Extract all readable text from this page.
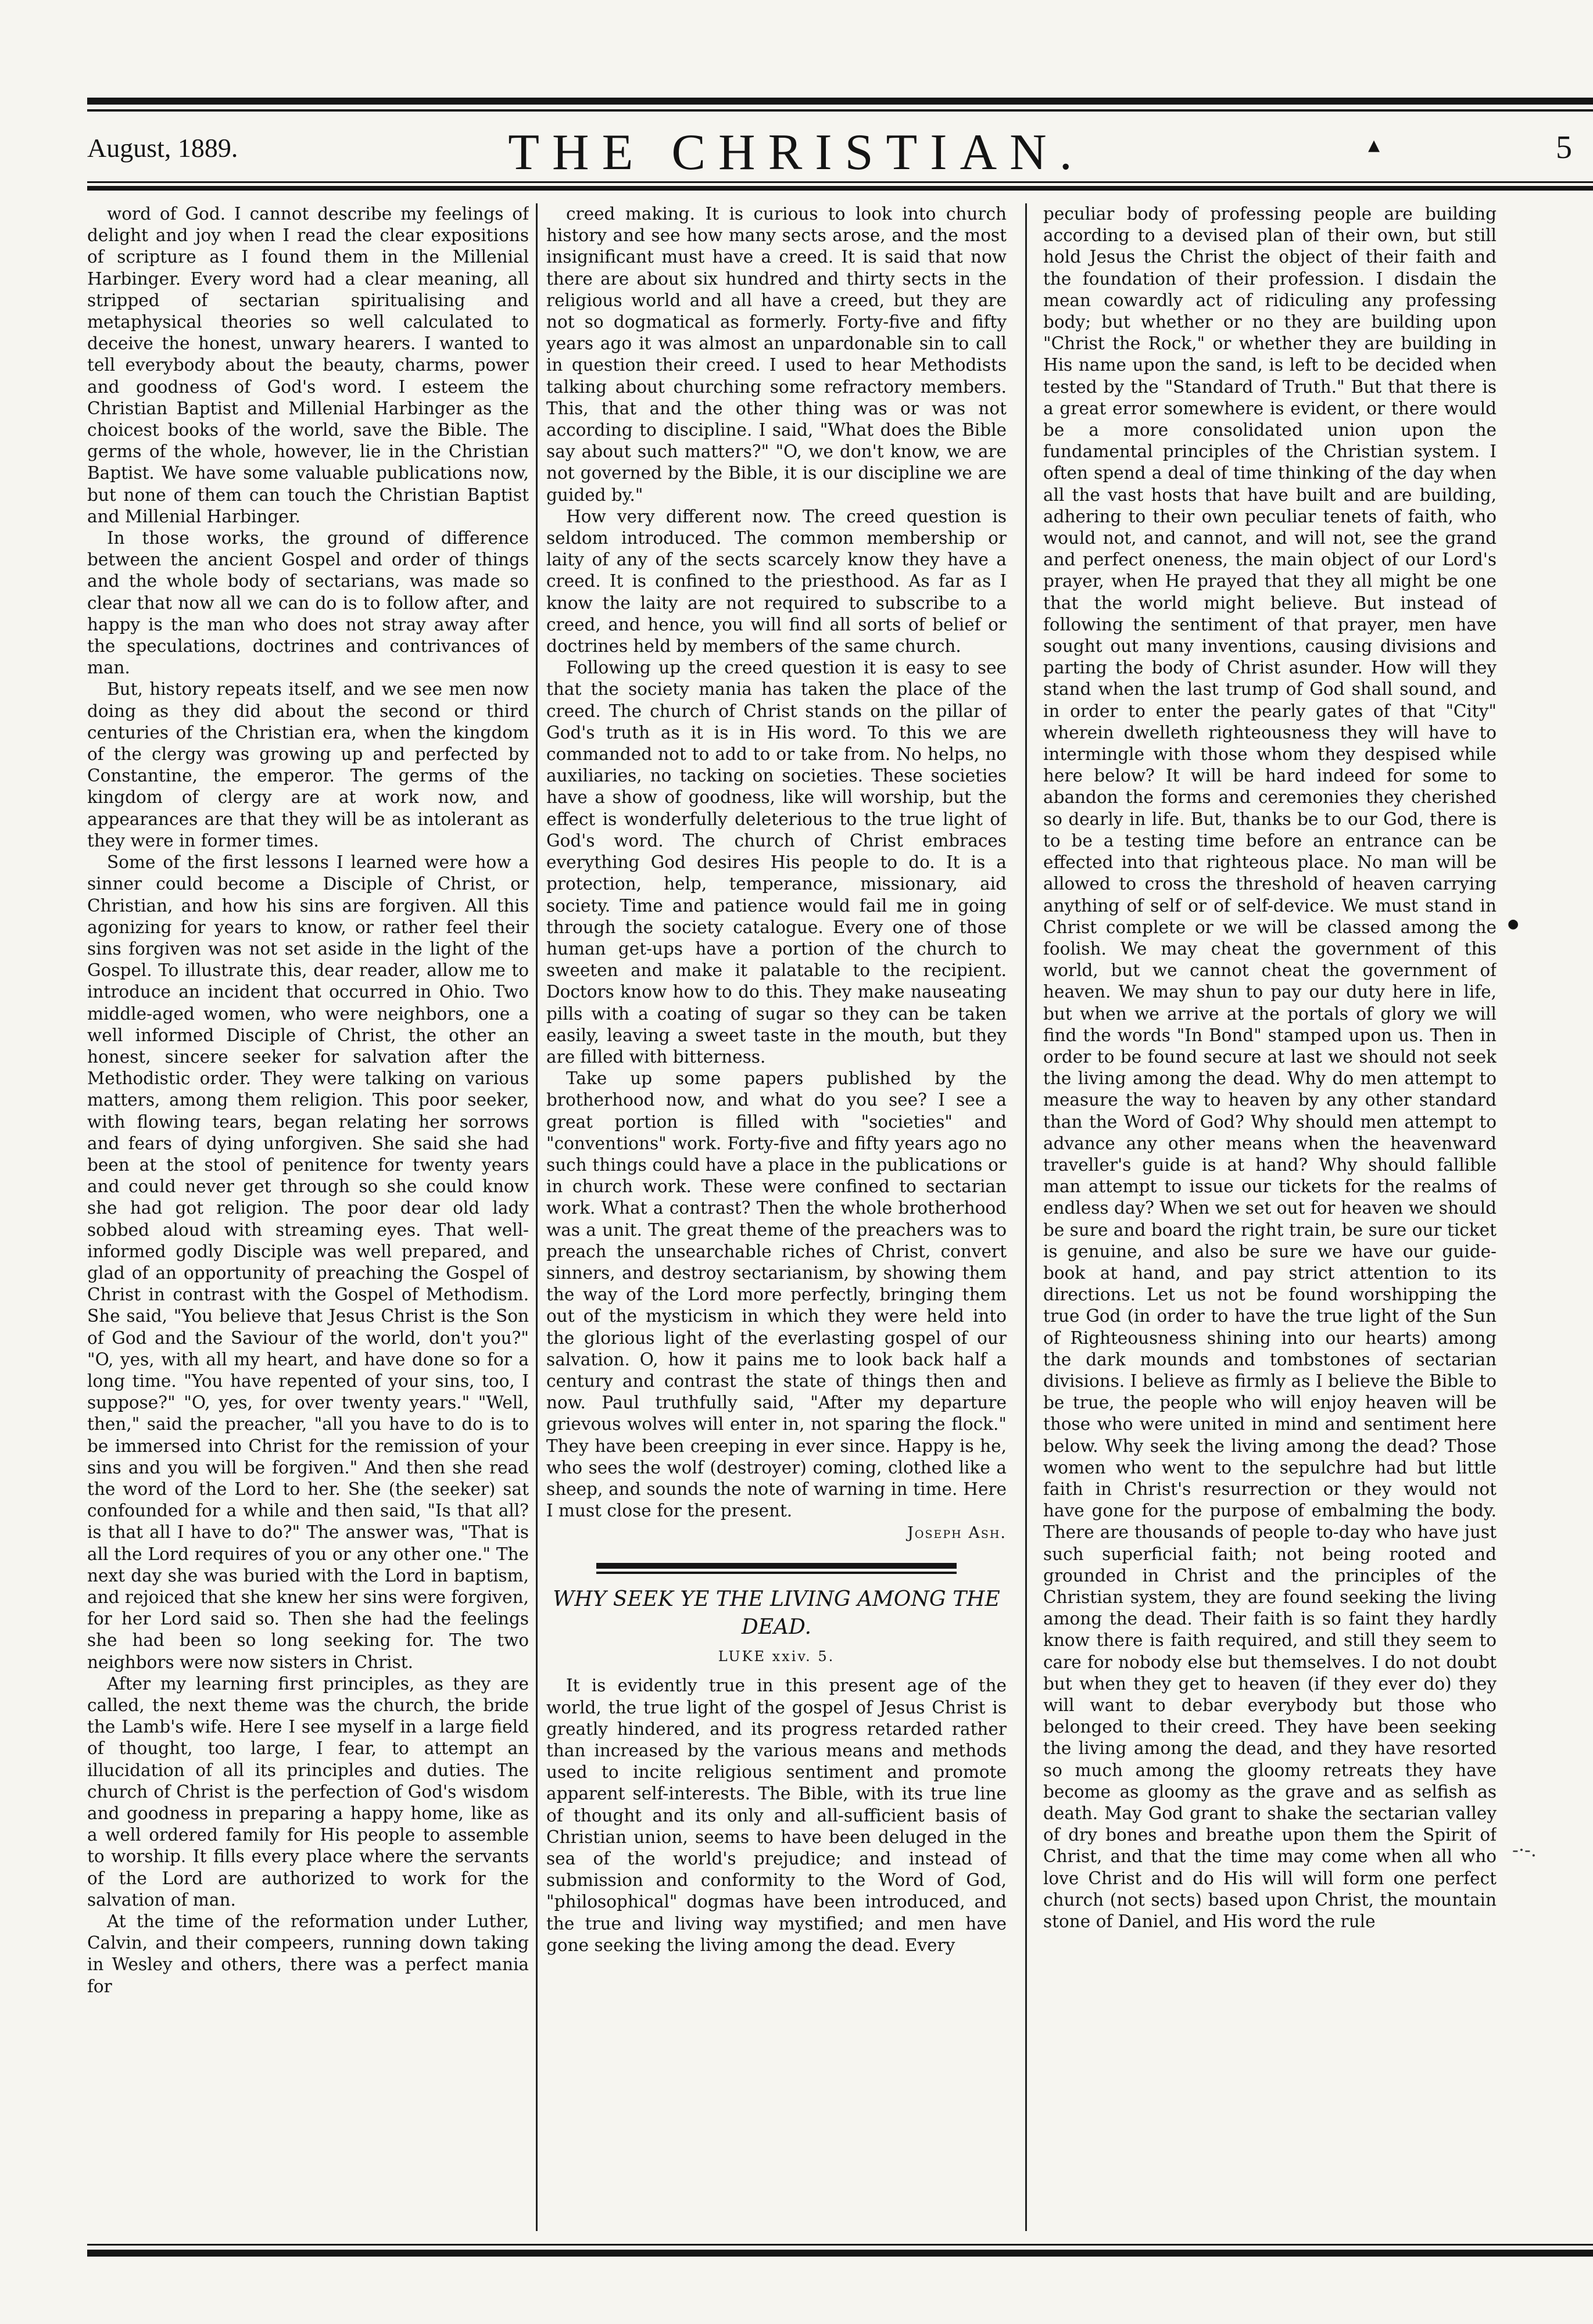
August, 1889.	THE CHRISTIAN.	▴	5

word of God. I cannot describe my feelings of delight and joy when I read the clear expositions of scripture as I found them in the Millenial Harbinger. Every word had a clear meaning, all stripped of sectarian spiritualising and metaphysical theories so well calculated to deceive the honest, unwary hearers. I wanted to tell everybody about the beauty, charms, power and goodness of God's word. I esteem the Christian Baptist and Millenial Harbinger as the choicest books of the world, save the Bible. The germs of the whole, however, lie in the Christian Baptist. We have some valuable publications now, but none of them can touch the Christian Baptist and Millenial Harbinger.

In those works, the ground of difference between the ancient Gospel and order of things and the whole body of sectarians, was made so clear that now all we can do is to follow after, and happy is the man who does not stray away after the speculations, doctrines and contrivances of man.

But, history repeats itself, and we see men now doing as they did about the second or third centuries of the Christian era, when the kingdom of the clergy was growing up and perfected by Constantine, the emperor. The germs of the kingdom of clergy are at work now, and appearances are that they will be as intolerant as they were in former times.

Some of the first lessons I learned were how a sinner could become a Disciple of Christ, or Christian, and how his sins are forgiven. All this agonizing for years to know, or rather feel their sins forgiven was not set aside in the light of the Gospel. To illustrate this, dear reader, allow me to introduce an incident that occurred in Ohio. Two middle-aged women, who were neighbors, one a well informed Disciple of Christ, the other an honest, sincere seeker for salvation after the Methodistic order. They were talking on various matters, among them religion. This poor seeker, with flowing tears, began relating her sorrows and fears of dying unforgiven. She said she had been at the stool of penitence for twenty years and could never get through so she could know she had got religion. The poor dear old lady sobbed aloud with streaming eyes. That well-informed godly Disciple was well prepared, and glad of an opportunity of preaching the Gospel of Christ in contrast with the Gospel of Methodism. She said, "You believe that Jesus Christ is the Son of God and the Saviour of the world, don't you?" "O, yes, with all my heart, and have done so for a long time. "You have repented of your sins, too, I suppose?" "O, yes, for over twenty years." "Well, then," said the preacher, "all you have to do is to be immersed into Christ for the remission of your sins and you will be forgiven." And then she read the word of the Lord to her. She (the seeker) sat confounded for a while and then said, "Is that all? is that all I have to do?" The answer was, "That is all the Lord requires of you or any other one." The next day she was buried with the Lord in baptism, and rejoiced that she knew her sins were forgiven, for her Lord said so. Then she had the feelings she had been so long seeking for. The two neighbors were now sisters in Christ.

After my learning first principles, as they are called, the next theme was the church, the bride the Lamb's wife. Here I see myself in a large field of thought, too large, I fear, to attempt an illucidation of all its principles and duties. The church of Christ is the perfection of God's wisdom and goodness in preparing a happy home, like as a well ordered family for His people to assemble to worship. It fills every place where the servants of the Lord are authorized to work for the salvation of man.

At the time of the reformation under Luther, Calvin, and their compeers, running down taking in Wesley and others, there was a perfect mania for

creed making. It is curious to look into church history and see how many sects arose, and the most insignificant must have a creed. It is said that now there are about six hundred and thirty sects in the religious world and all have a creed, but they are not so dogmatical as formerly. Forty-five and fifty years ago it was almost an unpardonable sin to call in question their creed. I used to hear Methodists talking about churching some refractory members. This, that and the other thing was or was not according to discipline. I said, "What does the Bible say about such matters?" "O, we don't know, we are not governed by the Bible, it is our discipline we are guided by."

How very different now. The creed question is seldom introduced. The common membership or laity of any of the sects scarcely know they have a creed. It is confined to the priesthood. As far as I know the laity are not required to subscribe to a creed, and hence, you will find all sorts of belief or doctrines held by members of the same church.

Following up the creed question it is easy to see that the society mania has taken the place of the creed. The church of Christ stands on the pillar of God's truth as it is in His word. To this we are commanded not to add to or take from. No helps, no auxiliaries, no tacking on societies. These societies have a show of goodness, like will worship, but the effect is wonderfully deleterious to the true light of God's word. The church of Christ embraces everything God desires His people to do. It is a protection, help, temperance, missionary, aid society. Time and patience would fail me in going through the society catalogue. Every one of those human get-ups have a portion of the church to sweeten and make it palatable to the recipient. Doctors know how to do this. They make nauseating pills with a coating of sugar so they can be taken easily, leaving a sweet taste in the mouth, but they are filled with bitterness.

Take up some papers published by the brotherhood now, and what do you see? I see a great portion is filled with "societies" and "conventions" work. Forty-five and fifty years ago no such things could have a place in the publications or in church work. These were confined to sectarian work. What a contrast? Then the whole brotherhood was a unit. The great theme of the preachers was to preach the unsearchable riches of Christ, convert sinners, and destroy sectarianism, by showing them the way of the Lord more perfectly, bringing them out of the mysticism in which they were held into the glorious light of the everlasting gospel of our salvation. O, how it pains me to look back half a century and contrast the state of things then and now. Paul truthfully said, "After my departure grievous wolves will enter in, not sparing the flock." They have been creeping in ever since. Happy is he, who sees the wolf (destroyer) coming, clothed like a sheep, and sounds the note of warning in time. Here I must close for the present.

Joseph Ash.
WHY SEEK YE THE LIVING AMONG THE DEAD.
LUKE xxiv. 5.

It is evidently true in this present age of the world, the true light of the gospel of Jesus Christ is greatly hindered, and its progress retarded rather than increased by the various means and methods used to incite religious sentiment and promote apparent self-interests. The Bible, with its true line of thought and its only and all-sufficient basis of Christian union, seems to have been deluged in the sea of the world's prejudice; and instead of submission and conformity to the Word of God, "philosophical" dogmas have been introduced, and the true and living way mystified; and men have gone seeking the living among the dead. Every

peculiar body of professing people are building according to a devised plan of their own, but still hold Jesus the Christ the object of their faith and the foundation of their profession. I disdain the mean cowardly act of ridiculing any professing body; but whether or no they are building upon "Christ the Rock," or whether they are building in His name upon the sand, is left to be decided when tested by the "Standard of Truth." But that there is a great error somewhere is evident, or there would be a more consolidated union upon the fundamental principles of the Christian system. I often spend a deal of time thinking of the day when all the vast hosts that have built and are building, adhering to their own peculiar tenets of faith, who would not, and cannot, and will not, see the grand and perfect oneness, the main object of our Lord's prayer, when He prayed that they all might be one that the world might believe. But instead of following the sentiment of that prayer, men have sought out many inventions, causing divisions and parting the body of Christ asunder. How will they stand when the last trump of God shall sound, and in order to enter the pearly gates of that "City" wherein dwelleth righteousness they will have to intermingle with those whom they despised while here below? It will be hard indeed for some to abandon the forms and ceremonies they cherished so dearly in life. But, thanks be to our God, there is to be a testing time before an entrance can be effected into that righteous place. No man will be allowed to cross the threshold of heaven carrying anything of self or of self-device. We must stand in Christ complete or we will be classed among the foolish. We may cheat the government of this world, but we cannot cheat the government of heaven. We may shun to pay our duty here in life, but when we arrive at the portals of glory we will find the words "In Bond" stamped upon us. Then in order to be found secure at last we should not seek the living among the dead. Why do men attempt to measure the way to heaven by any other standard than the Word of God? Why should men attempt to advance any other means when the heavenward traveller's guide is at hand? Why should fallible man attempt to issue our tickets for the realms of endless day? When we set out for heaven we should be sure and board the right train, be sure our ticket is genuine, and also be sure we have our guide-book at hand, and pay strict attention to its directions. Let us not be found worshipping the true God (in order to have the true light of the Sun of Righteousness shining into our hearts) among the dark mounds and tombstones of sectarian divisions. I believe as firmly as I believe the Bible to be true, the people who will enjoy heaven will be those who were united in mind and sentiment here below. Why seek the living among the dead? Those women who went to the sepulchre had but little faith in Christ's resurrection or they would not have gone for the purpose of embalming the body. There are thousands of people to-day who have just such superficial faith; not being rooted and grounded in Christ and the principles of the Christian system, they are found seeking the living among the dead. Their faith is so faint they hardly know there is faith required, and still they seem to care for nobody else but themselves. I do not doubt but when they get to heaven (if they ever do) they will want to debar everybody but those who belonged to their creed. They have been seeking the living among the dead, and they have resorted so much among the gloomy retreats they have become as gloomy as the grave and as selfish as death. May God grant to shake the sectarian valley of dry bones and breathe upon them the Spirit of Christ, and that the time may come when all who love Christ and do His will will form one perfect church (not sects) based upon Christ, the mountain stone of Daniel, and His word the rule

●
-·-.
